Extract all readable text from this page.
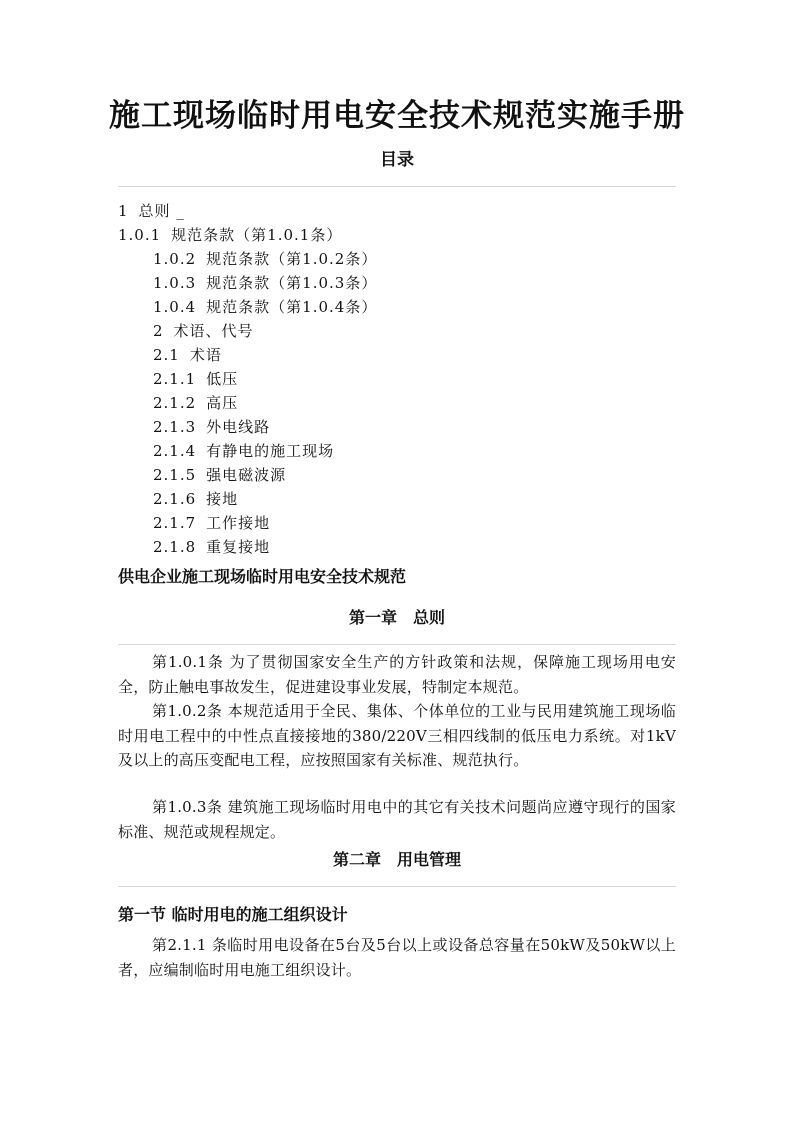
施工现场临时用电安全技术规范实施手册
目录
1 总则 _
1.0.1 规范条款（第1.0.1条）
1.0.2 规范条款（第1.0.2条）
1.0.3 规范条款（第1.0.3条）
1.0.4 规范条款（第1.0.4条）
2 术语、代号
2.1 术语
2.1.1 低压
2.1.2 高压
2.1.3 外电线路
2.1.4 有静电的施工现场
2.1.5 强电磁波源
2.1.6 接地
2.1.7 工作接地
2.1.8 重复接地
供电企业施工现场临时用电安全技术规范
第一章　总则

第1.0.1条 为了贯彻国家安全生产的方针政策和法规，保障施工现场用电安全，防止触电事故发生，促进建设事业发展，特制定本规范。

第1.0.2条 本规范适用于全民、集体、个体单位的工业与民用建筑施工现场临时用电工程中的中性点直接接地的380/220V三相四线制的低压电力系统。对1kV及以上的高压变配电工程，应按照国家有关标准、规范执行。

第1.0.3条 建筑施工现场临时用电中的其它有关技术问题尚应遵守现行的国家标准、规范或规程规定。

第二章　用电管理
第一节 临时用电的施工组织设计

第2.1.1 条临时用电设备在5台及5台以上或设备总容量在50kW及50kW以上者，应编制临时用电施工组织设计。
